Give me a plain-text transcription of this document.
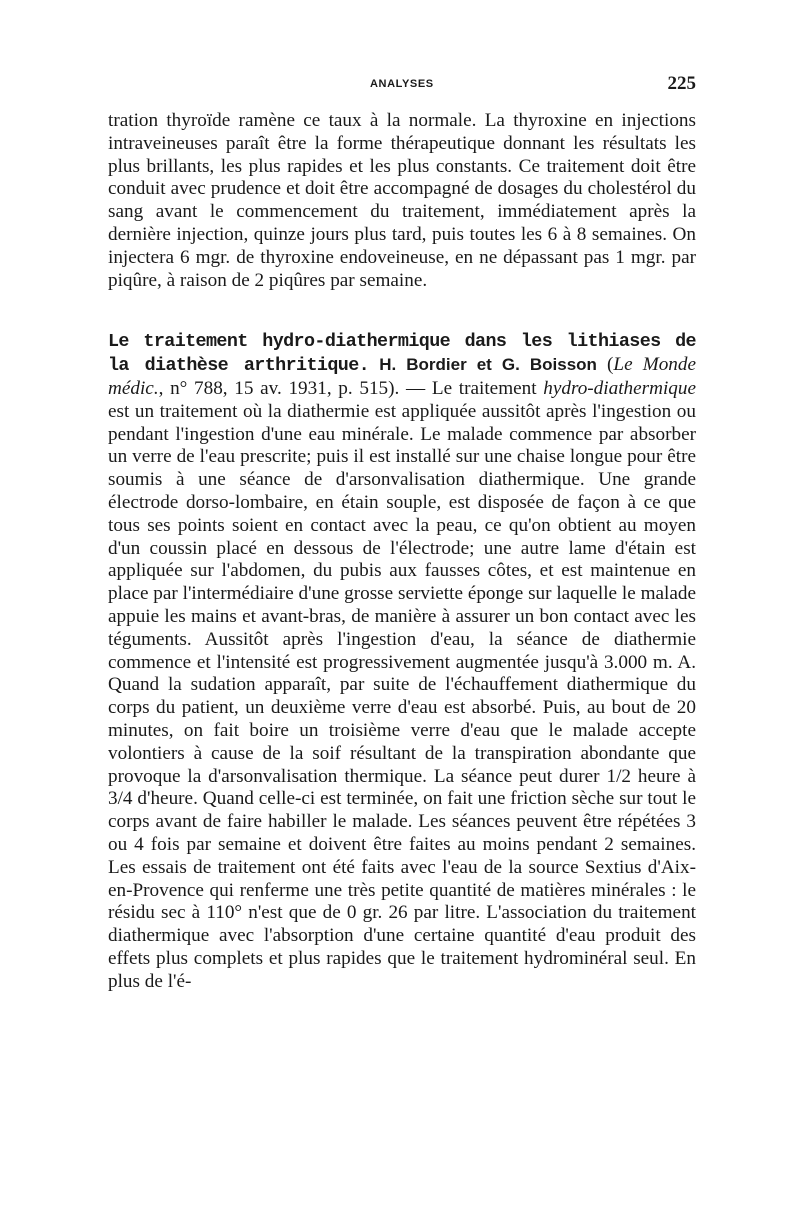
ANALYSES	225

tration thyroïde ramène ce taux à la normale. La thyroxine en injections intraveineuses paraît être la forme thérapeutique donnant les résultats les plus brillants, les plus rapides et les plus constants. Ce traitement doit être conduit avec prudence et doit être accompagné de dosages du cholestérol du sang avant le commencement du traitement, immédiatement après la dernière injection, quinze jours plus tard, puis toutes les 6 à 8 semaines. On injectera 6 mgr. de thyroxine endoveineuse, en ne dépassant pas 1 mgr. par piqûre, à raison de 2 piqûres par semaine.

Le traitement hydro-diathermique dans les lithiases de la diathèse arthritique. H. Bordier et G. Boisson (Le Monde médic., n° 788, 15 av. 1931, p. 515). — Le traitement hydro-diathermique est un traitement où la diathermie est appliquée aussitôt après l'ingestion ou pendant l'ingestion d'une eau minérale. Le malade commence par absorber un verre de l'eau prescrite; puis il est installé sur une chaise longue pour être soumis à une séance de d'arsonvalisation diathermique. Une grande électrode dorso-lombaire, en étain souple, est disposée de façon à ce que tous ses points soient en contact avec la peau, ce qu'on obtient au moyen d'un coussin placé en dessous de l'électrode; une autre lame d'étain est appliquée sur l'abdomen, du pubis aux fausses côtes, et est maintenue en place par l'intermédiaire d'une grosse serviette éponge sur laquelle le malade appuie les mains et avant-bras, de manière à assurer un bon contact avec les téguments. Aussitôt après l'ingestion d'eau, la séance de diathermie commence et l'intensité est progressivement augmentée jusqu'à 3.000 m. A. Quand la sudation apparaît, par suite de l'échauffement diathermique du corps du patient, un deuxième verre d'eau est absorbé. Puis, au bout de 20 minutes, on fait boire un troisième verre d'eau que le malade accepte volontiers à cause de la soif résultant de la transpiration abondante que provoque la d'arsonvalisation thermique. La séance peut durer 1/2 heure à 3/4 d'heure. Quand celle-ci est terminée, on fait une friction sèche sur tout le corps avant de faire habiller le malade. Les séances peuvent être répétées 3 ou 4 fois par semaine et doivent être faites au moins pendant 2 semaines. Les essais de traitement ont été faits avec l'eau de la source Sextius d'Aix-en-Provence qui renferme une très petite quantité de matières minérales : le résidu sec à 110° n'est que de 0 gr. 26 par litre. L'association du traitement diathermique avec l'absorption d'une certaine quantité d'eau produit des effets plus complets et plus rapides que le traitement hydrominéral seul. En plus de l'é-
